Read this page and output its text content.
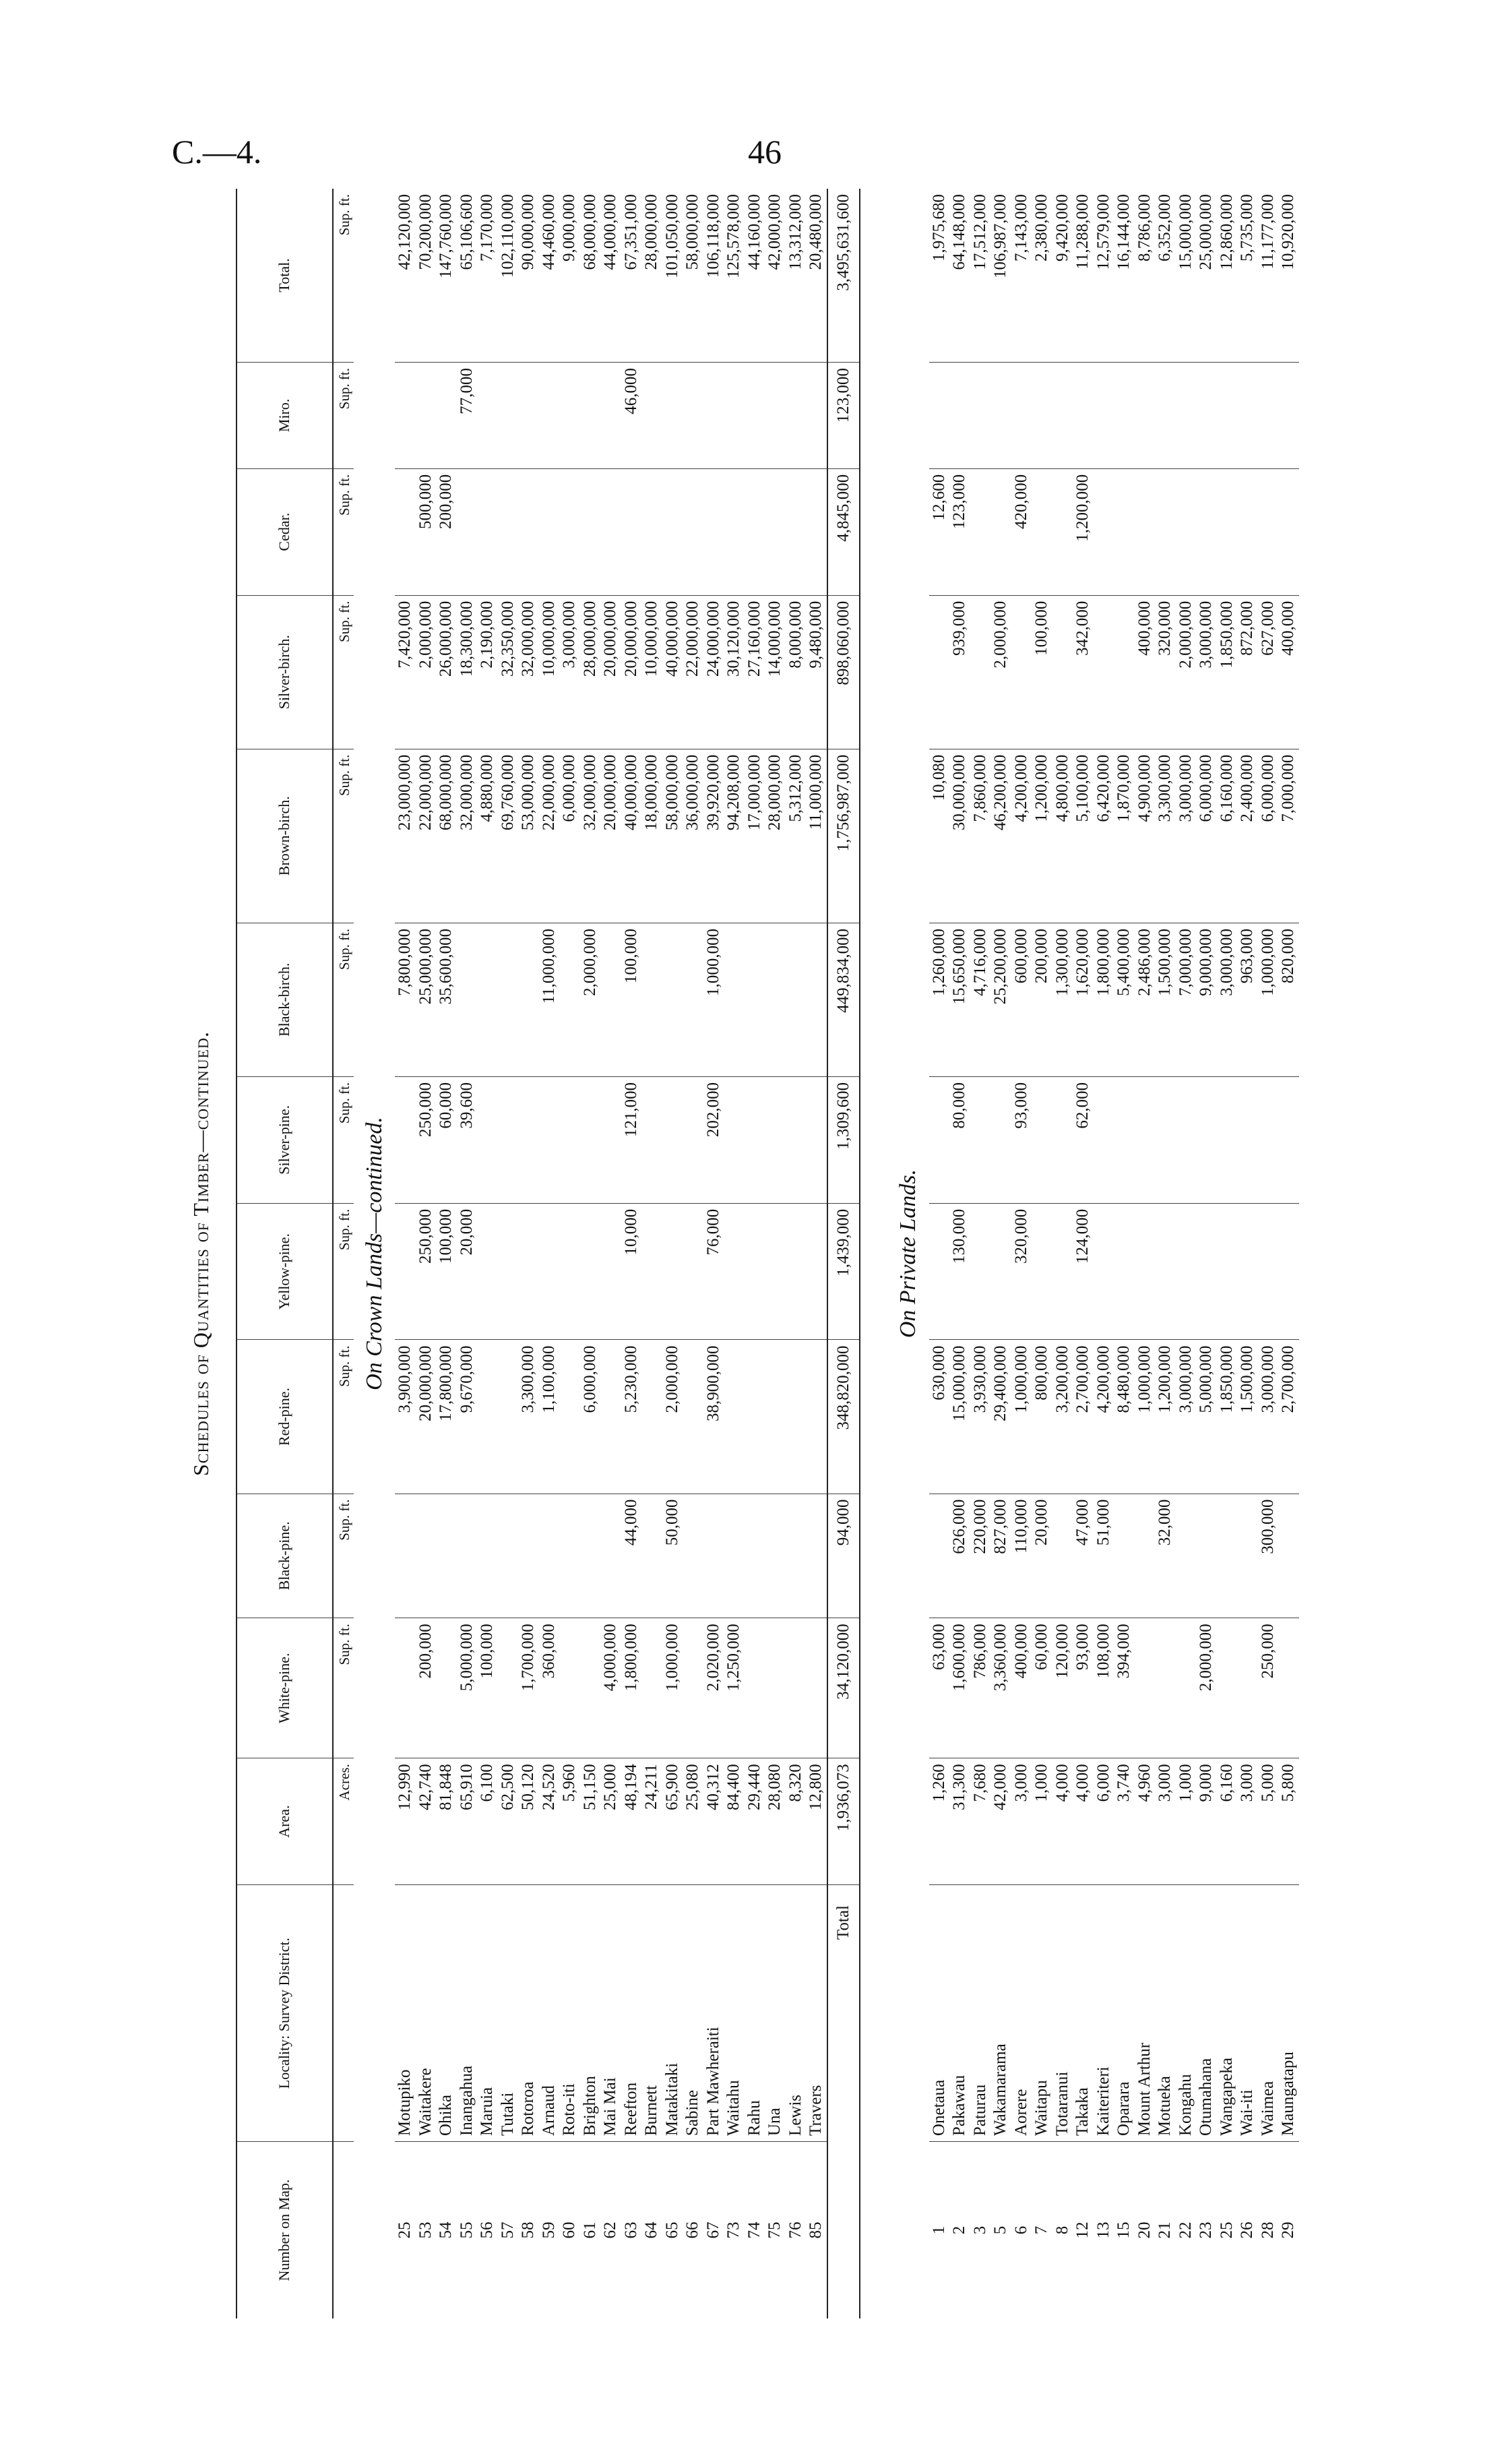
C.—4.	46
Schedules of Quantities of Timber—continued.
Number on Map.	Locality: Survey District.	Area.	White-pine.	Black-pine.	Red-pine.	Yellow-pine.	Silver-pine.	Black-birch.	Brown-birch.	Silver-birch.	Cedar.	Miro.	Total.
		Acres.	Sup. ft.	Sup. ft.	Sup. ft.	Sup. ft.	Sup. ft.	Sup. ft.	Sup. ft.	Sup. ft.	Sup. ft.	Sup. ft.	Sup. ft.
On Crown Lands—continued.													
25	Motupiko	12,990			3,900,000			7,800,000	23,000,000	7,420,000			42,120,000
53	Waitakere	42,740	200,000		20,000,000	250,000	250,000	25,000,000	22,000,000	2,000,000	500,000		70,200,000
54	Ohika	81,848			17,800,000	100,000	60,000	35,600,000	68,000,000	26,000,000	200,000		147,760,000
55	Inangahua	65,910	5,000,000		9,670,000	20,000	39,600		32,000,000	18,300,000		77,000	65,106,600
56	Maruia	6,100	100,000						4,880,000	2,190,000			7,170,000
57	Tutaki	62,500							69,760,000	32,350,000			102,110,000
58	Rotoroa	50,120	1,700,000		3,300,000				53,000,000	32,000,000			90,000,000
59	Arnaud	24,520	360,000		1,100,000			11,000,000	22,000,000	10,000,000			44,460,000
60	Roto-iti	5,960							6,000,000	3,000,000			9,000,000
61	Brighton	51,150			6,000,000			2,000,000	32,000,000	28,000,000			68,000,000
62	Mai Mai	25,000	4,000,000						20,000,000	20,000,000			44,000,000
63	Reefton	48,194	1,800,000	44,000	5,230,000	10,000	121,000	100,000	40,000,000	20,000,000		46,000	67,351,000
64	Burnett	24,211							18,000,000	10,000,000			28,000,000
65	Matakitaki	65,900	1,000,000	50,000	2,000,000				58,000,000	40,000,000			101,050,000
66	Sabine	25,080							36,000,000	22,000,000			58,000,000
67	Part Mawheraiti	40,312	2,020,000		38,900,000	76,000	202,000	1,000,000	39,920,000	24,000,000			106,118,000
73	Waitahu	84,400	1,250,000						94,208,000	30,120,000			125,578,000
74	Rahu	29,440							17,000,000	27,160,000			44,160,000
75	Una	28,080							28,000,000	14,000,000			42,000,000
76	Lewis	8,320							5,312,000	8,000,000			13,312,000
85	Travers	12,800							11,000,000	9,480,000			20,480,000
Total		1,936,073	34,120,000	94,000	348,820,000	1,439,000	1,309,600	449,834,000	1,756,987,000	898,060,000	4,845,000	123,000	3,495,631,600

On Private Lands.													
1	Onetaua	1,260	63,000		630,000			1,260,000	10,080		12,600		1,975,680
2	Pakawau	31,300	1,600,000	626,000	15,000,000	130,000	80,000	15,650,000	30,000,000	939,000	123,000		64,148,000
3	Paturau	7,680	786,000	220,000	3,930,000			4,716,000	7,860,000				17,512,000
5	Wakamarama	42,000	3,360,000	827,000	29,400,000			25,200,000	46,200,000	2,000,000			106,987,000
6	Aorere	3,000	400,000	110,000	1,000,000	320,000	93,000	600,000	4,200,000		420,000		7,143,000
7	Waitapu	1,000	60,000	20,000	800,000			200,000	1,200,000	100,000			2,380,000
8	Totaranui	4,000	120,000		3,200,000			1,300,000	4,800,000				9,420,000
12	Takaka	4,000	93,000	47,000	2,700,000	124,000	62,000	1,620,000	5,100,000	342,000	1,200,000		11,288,000
13	Kaiteriteri	6,000	108,000	51,000	4,200,000			1,800,000	6,420,000				12,579,000
15	Oparara	3,740	394,000		8,480,000			5,400,000	1,870,000				16,144,000
20	Mount Arthur	4,960			1,000,000			2,486,000	4,900,000	400,000			8,786,000
21	Motueka	3,000		32,000	1,200,000			1,500,000	3,300,000	320,000			6,352,000
22	Kongahu	1,000			3,000,000			7,000,000	3,000,000	2,000,000			15,000,000
23	Otumahana	9,000	2,000,000		5,000,000			9,000,000	6,000,000	3,000,000			25,000,000
25	Wangapeka	6,160			1,850,000			3,000,000	6,160,000	1,850,000			12,860,000
26	Wai-iti	3,000			1,500,000			963,000	2,400,000	872,000			5,735,000
28	Waimea	5,000	250,000	300,000	3,000,000			1,000,000	6,000,000	627,000			11,177,000
29	Maungatapu	5,800			2,700,000			820,000	7,000,000	400,000			10,920,000
